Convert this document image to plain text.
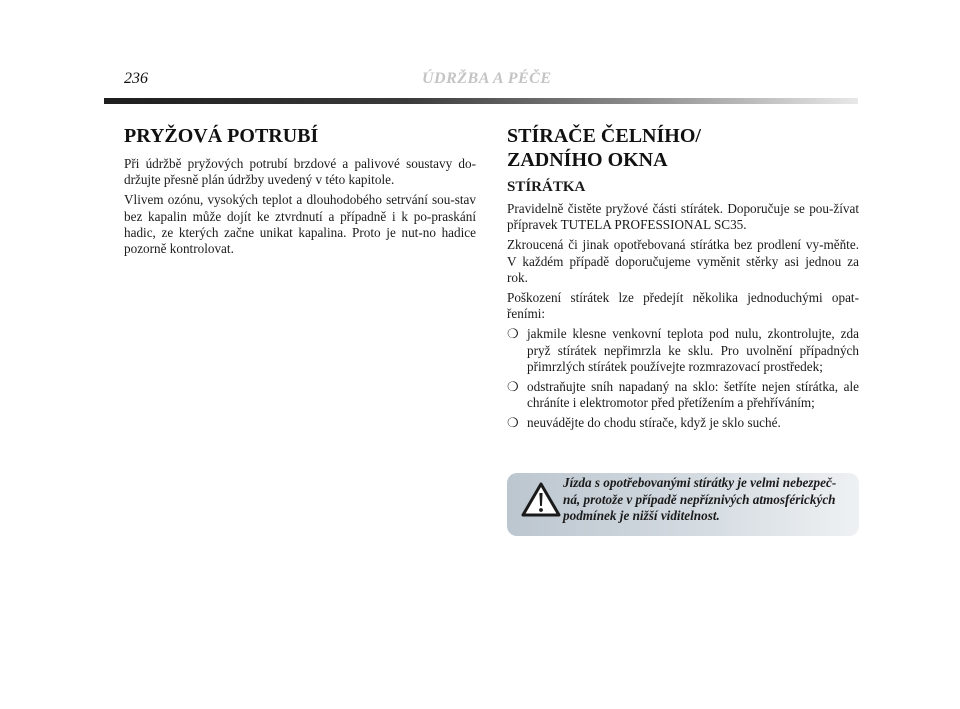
236	ÚDRŽBA A PÉČE
PRYŽOVÁ POTRUBÍ

Při údržbě pryžových potrubí brzdové a palivové soustavy do-držujte přesně plán údržby uvedený v této kapitole.

Vlivem ozónu, vysokých teplot a dlouhodobého setrvání sou-stav bez kapalin může dojít ke ztvrdnutí a případně i k po-praskání hadic, ze kterých začne unikat kapalina. Proto je nut-no hadice pozorně kontrolovat.

STÍRAČE ČELNÍHO/
ZADNÍHO OKNA
STÍRÁTKA

Pravidelně čistěte pryžové části stírátek. Doporučuje se pou-žívat přípravek TUTELA PROFESSIONAL SC35.

Zkroucená či jinak opotřebovaná stírátka bez prodlení vy-měňte. V každém případě doporučujeme vyměnit stěrky asi jednou za rok.

Poškození stírátek lze předejít několika jednoduchými opat-řeními:

❍ jakmile klesne venkovní teplota pod nulu, zkontrolujte, zda pryž stírátek nepřimrzla ke sklu. Pro uvolnění případných přimrzlých stírátek používejte rozmrazovací prostředek;
❍ odstraňujte sníh napadaný na sklo: šetříte nejen stírátka, ale chráníte i elektromotor před přetížením a přehříváním;
❍ neuvádějte do chodu stírače, když je sklo suché.
Jízda s opotřebovanými stírátky je velmi nebezpeč-ná, protože v případě nepříznivých atmosférických podmínek je nižší viditelnost.
